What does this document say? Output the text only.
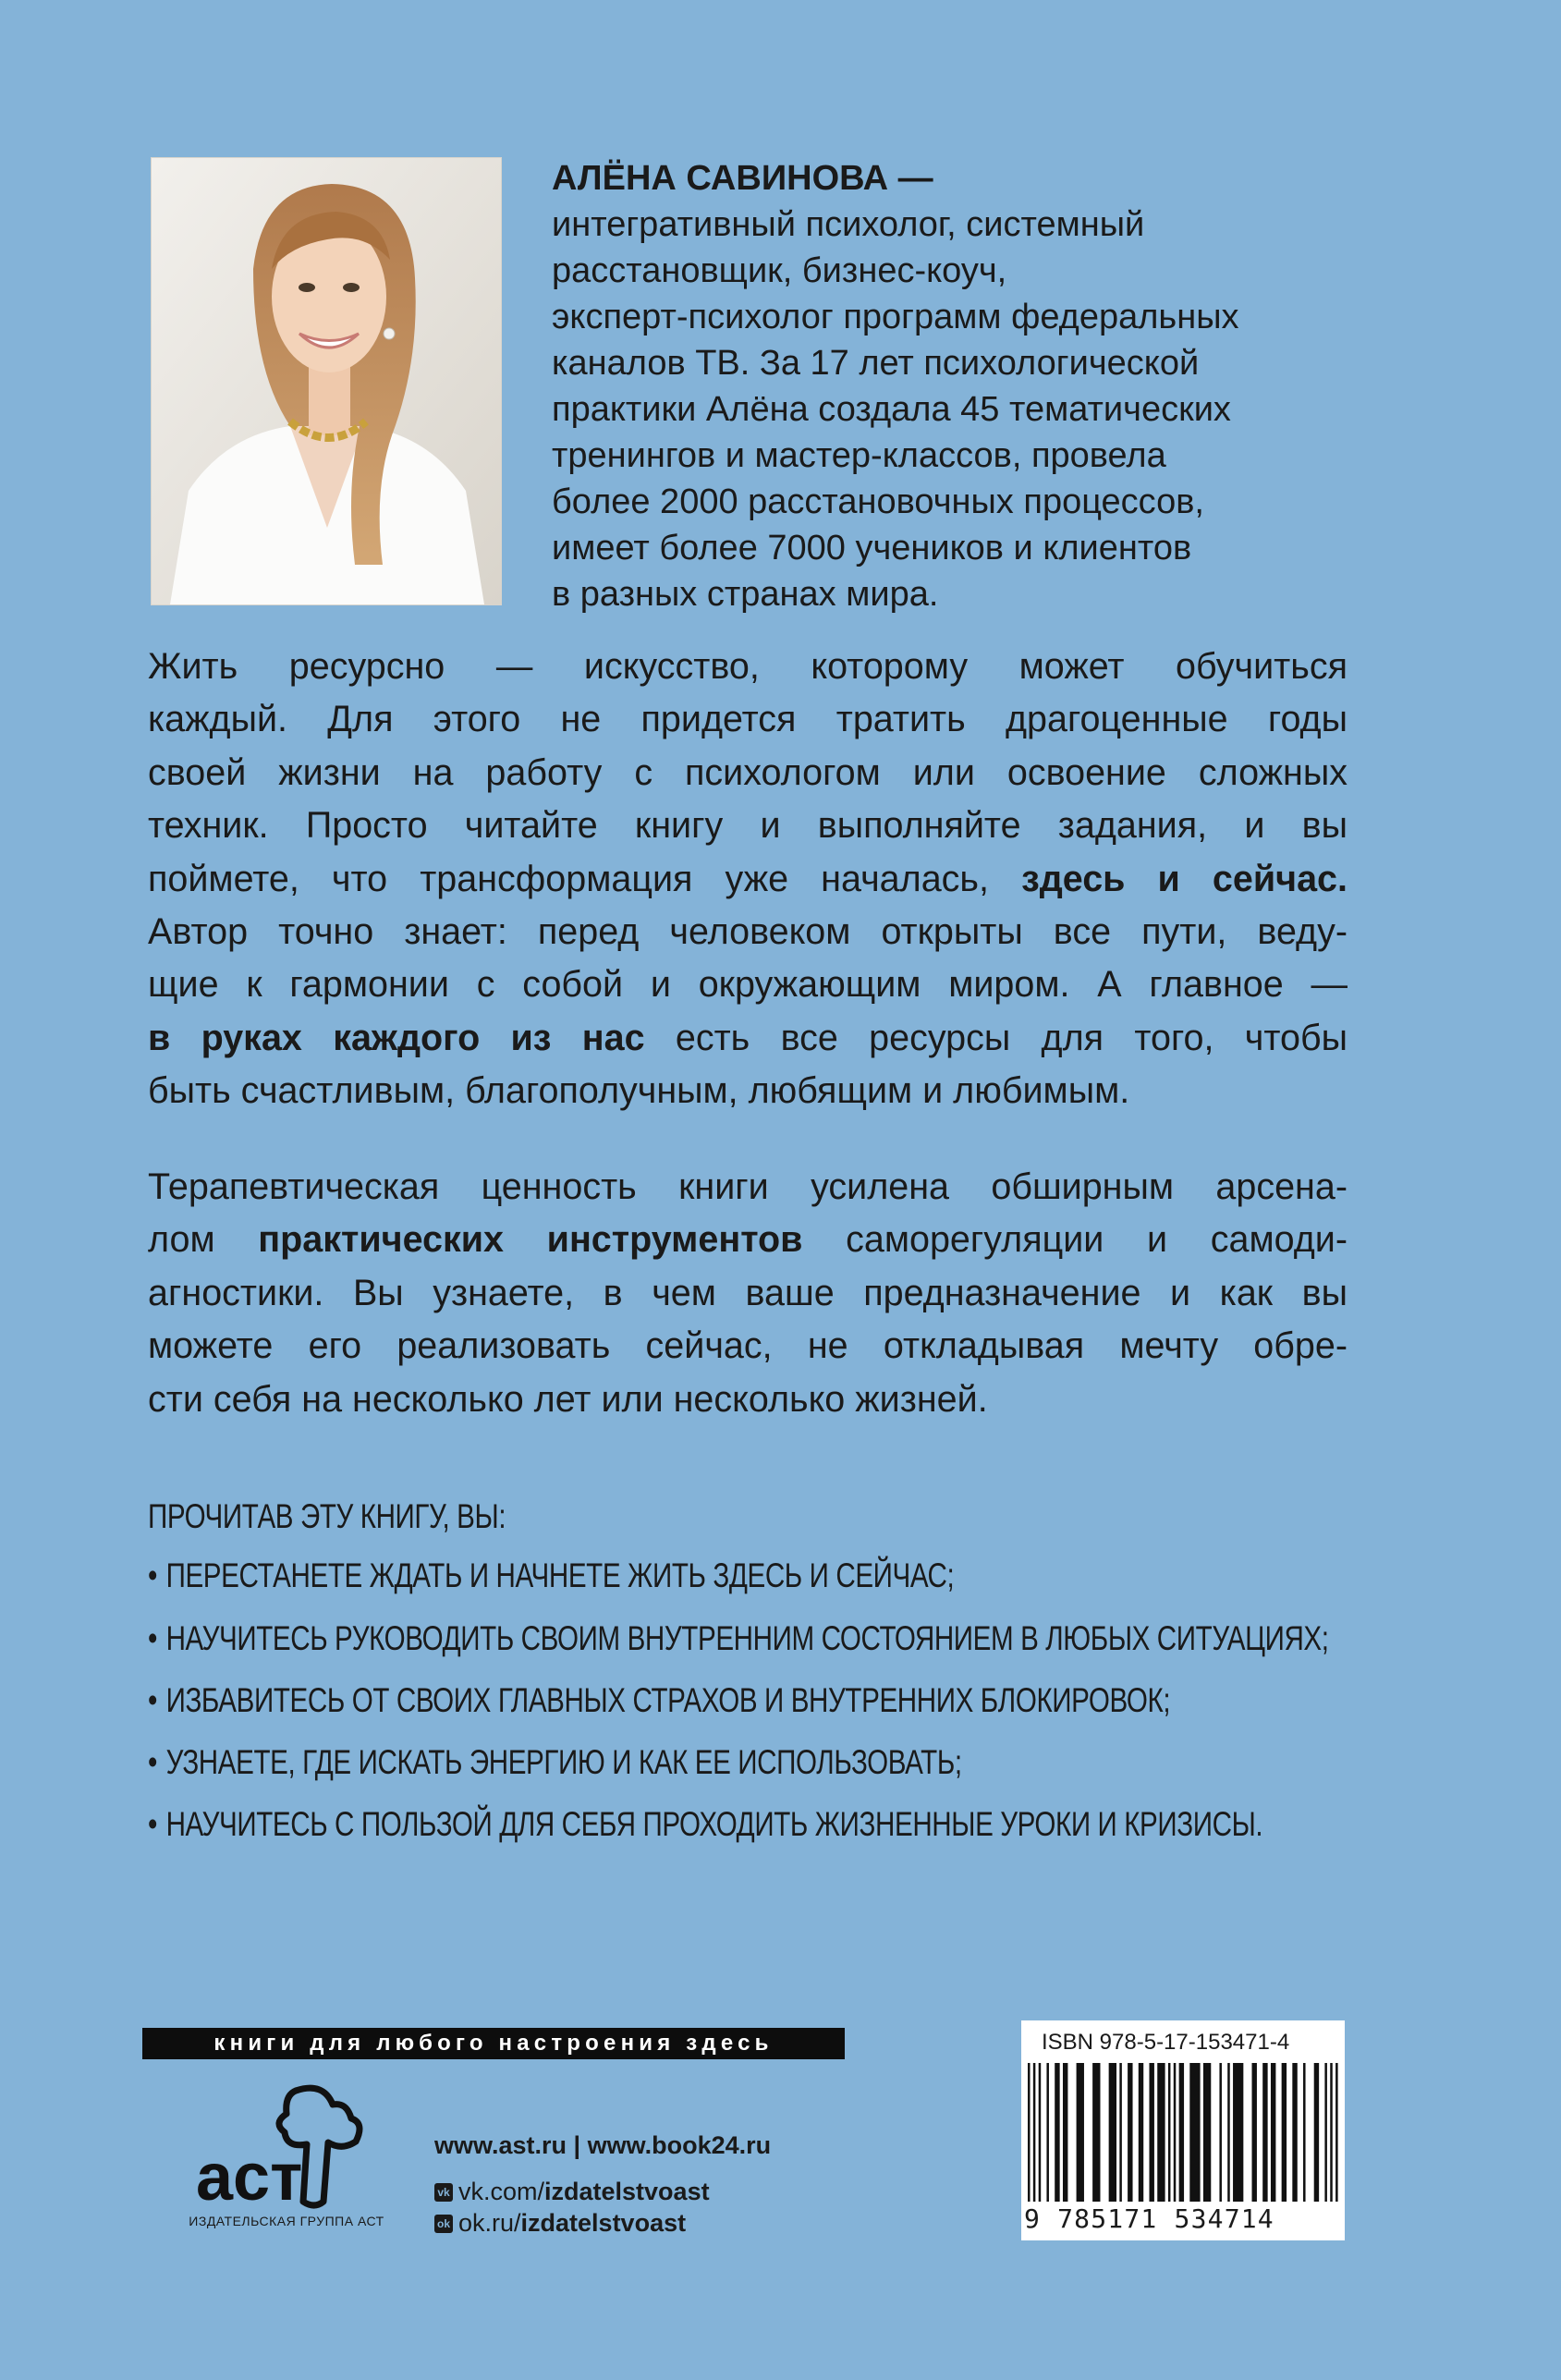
АЛЁНА САВИНОВА —
интегративный психолог, системный
расстановщик, бизнес-коуч,
эксперт-психолог программ федеральных
каналов ТВ. За 17 лет психологической
практики Алёна создала 45 тематических
тренингов и мастер-классов, провела
более 2000 расстановочных процессов,
имеет более 7000 учеников и клиентов
в разных странах мира.
Жить ресурсно — искусство, которому может обучиться
каждый. Для этого не придется тратить драгоценные годы
своей жизни на работу с психологом или освоение сложных
техник. Просто читайте книгу и выполняйте задания, и вы
поймете, что трансформация уже началась, здесь и сейчас.
Автор точно знает: перед человеком открыты все пути, веду-
щие к гармонии с собой и окружающим миром. А главное —
в руках каждого из нас есть все ресурсы для того, чтобы
быть счастливым, благополучным, любящим и любимым.
Терапевтическая ценность книги усилена обширным арсена-
лом практических инструментов саморегуляции и самоди-
агностики. Вы узнаете, в чем ваше предназначение и как вы
можете его реализовать сейчас, не откладывая мечту обре-
сти себя на несколько лет или несколько жизней.
ПРОЧИТАВ ЭТУ КНИГУ, ВЫ:
• ПЕРЕСТАНЕТЕ ЖДАТЬ И НАЧНЕТЕ ЖИТЬ ЗДЕСЬ И СЕЙЧАС;
• НАУЧИТЕСЬ РУКОВОДИТЬ СВОИМ ВНУТРЕННИМ СОСТОЯНИЕМ В ЛЮБЫХ СИТУАЦИЯХ;
• ИЗБАВИТЕСЬ ОТ СВОИХ ГЛАВНЫХ СТРАХОВ И ВНУТРЕННИХ БЛОКИРОВОК;
• УЗНАЕТЕ, ГДЕ ИСКАТЬ ЭНЕРГИЮ И КАК ЕЕ ИСПОЛЬЗОВАТЬ;
• НАУЧИТЕСЬ С ПОЛЬЗОЙ ДЛЯ СЕБЯ ПРОХОДИТЬ ЖИЗНЕННЫЕ УРОКИ И КРИЗИСЫ.
книги для любого настроения здесь
аст
ИЗДАТЕЛЬСКАЯ ГРУППА АСТ
www.ast.ru | www.book24.ru
vk vk.com/ izdatelstvoast
ok ok.ru/ izdatelstvoast
ISBN 978-5-17-153471-4
9 785171 534714
